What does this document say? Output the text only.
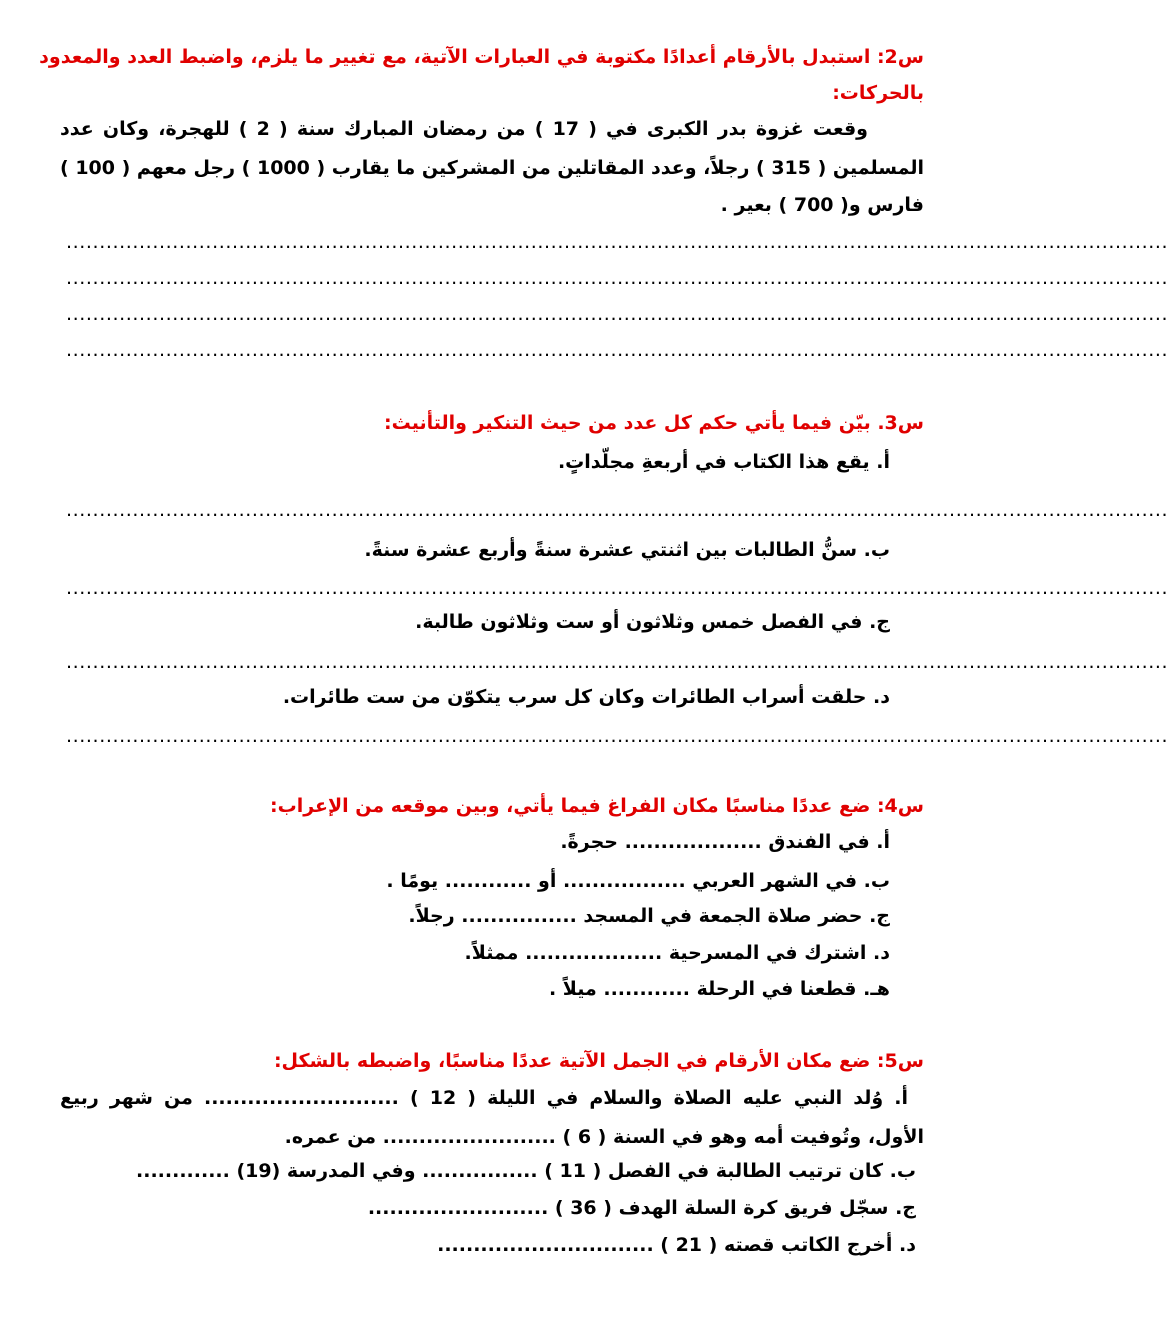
س2: استبدل بالأرقام أعدادًا مكتوبة في العبارات الآتية، مع تغيير ما يلزم، واضبط العدد والمعدود
بالحركات:
وقعت غزوة بدر الكبرى في ( 17 ) من رمضان المبارك سنة ( 2 ) للهجرة، وكان عدد
المسلمين ( 315 ) رجلاً، وعدد المقاتلين من المشركين ما يقارب ( 1000 ) رجل معهم ( 100 )
فارس و( 700 ) بعير .
......................................................................................................................................................................
......................................................................................................................................................................
......................................................................................................................................................................
......................................................................................................................................................................
س3. بيّن فيما يأتي حكم كل عدد من حيث التنكير والتأنيث:
أ. يقع هذا الكتاب في أربعةِ مجلّداتٍ.
......................................................................................................................................................................
ب. سنُّ الطالبات بين اثنتي عشرة سنةً وأربع عشرة سنةً.
......................................................................................................................................................................
ج. في الفصل خمس وثلاثون أو ست وثلاثون طالبة.
......................................................................................................................................................................
د. حلقت أسراب الطائرات وكان كل سرب يتكوّن من ست طائرات.
......................................................................................................................................................................
س4: ضع عددًا مناسبًا مكان الفراغ فيما يأتي، وبين موقعه من الإعراب:
أ. في الفندق ................... حجرةً.
ب. في الشهر العربي ................. أو ............ يومًا .
ج. حضر صلاة الجمعة في المسجد ................ رجلاً.
د. اشترك في المسرحية ................... ممثلاً.
هـ. قطعنا في الرحلة ............ ميلاً .
س5: ضع مكان الأرقام في الجمل الآتية عددًا مناسبًا، واضبطه بالشكل:
أ. وُلد النبي عليه الصلاة والسلام في الليلة ( 12 ) ........................... من شهر ربيع
الأول، وتُوفيت أمه وهو في السنة ( 6 ) ........................ من عمره.
ب. كان ترتيب الطالبة في الفصل ( 11 ) ................ وفي المدرسة (19) .............
ج. سجّل فريق كرة السلة الهدف ( 36 ) .........................
د. أخرج الكاتب قصته ( 21 ) ..............................
